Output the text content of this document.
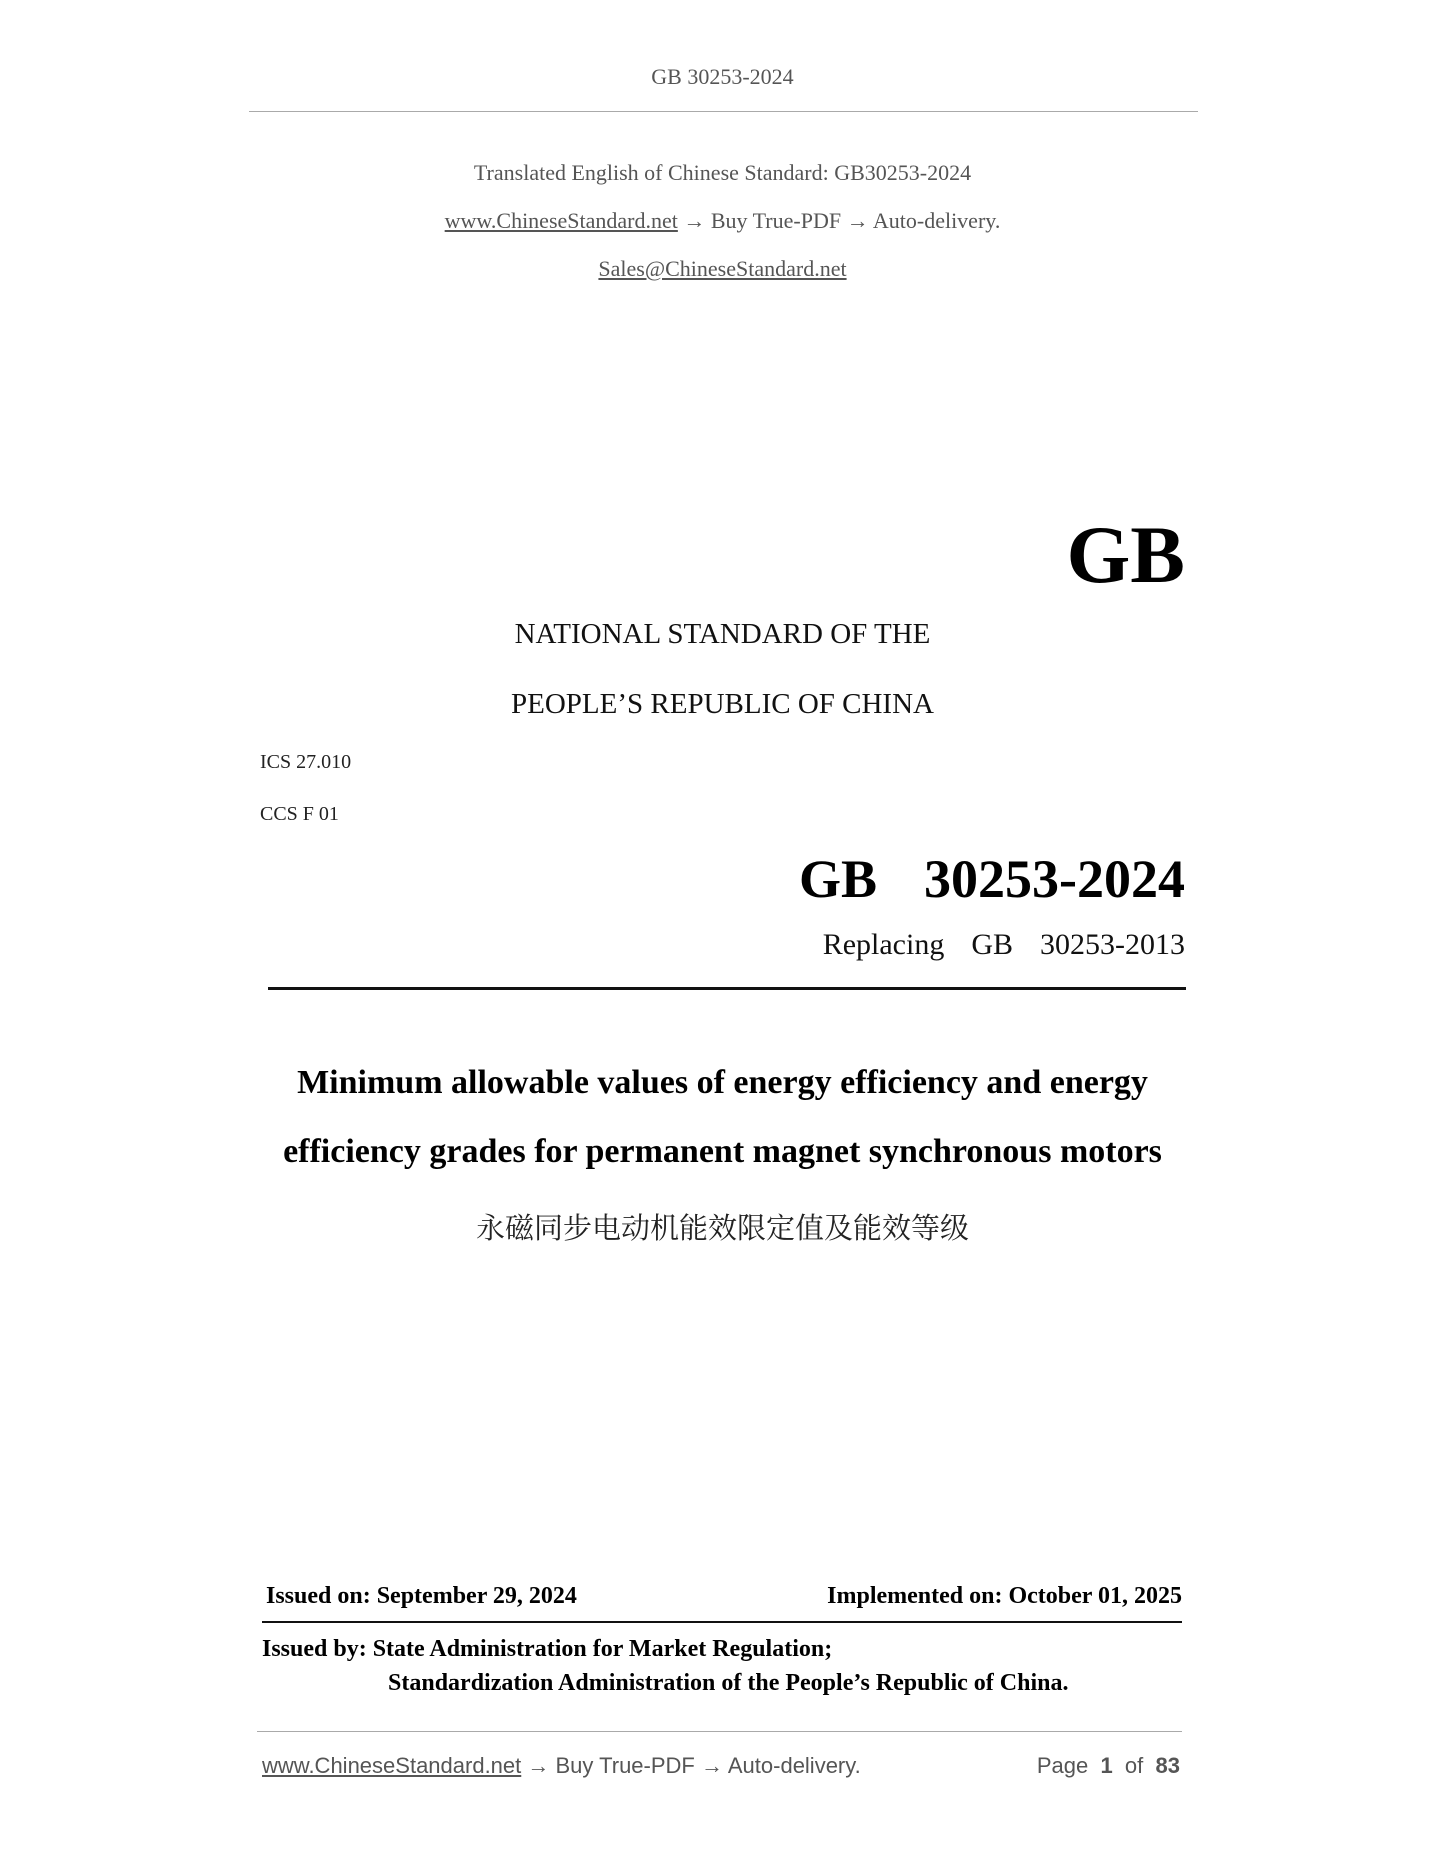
GB 30253-2024
Translated English of Chinese Standard: GB30253-2024
www.ChineseStandard.net → Buy True-PDF → Auto-delivery.
Sales@ChineseStandard.net
GB
NATIONAL STANDARD OF THE
PEOPLE’S REPUBLIC OF CHINA
ICS 27.010
CCS F 01
GB  30253-2024
Replacing  GB  30253-2013
Minimum allowable values of energy efficiency and energy
efficiency grades for permanent magnet synchronous motors
永磁同步电动机能效限定值及能效等级
Issued on: September 29, 2024	Implemented on: October 01, 2025
Issued by: State Administration for Market Regulation;
Standardization Administration of the People’s Republic of China.
www.ChineseStandard.net → Buy True-PDF → Auto-delivery.	Page 1 of 83
